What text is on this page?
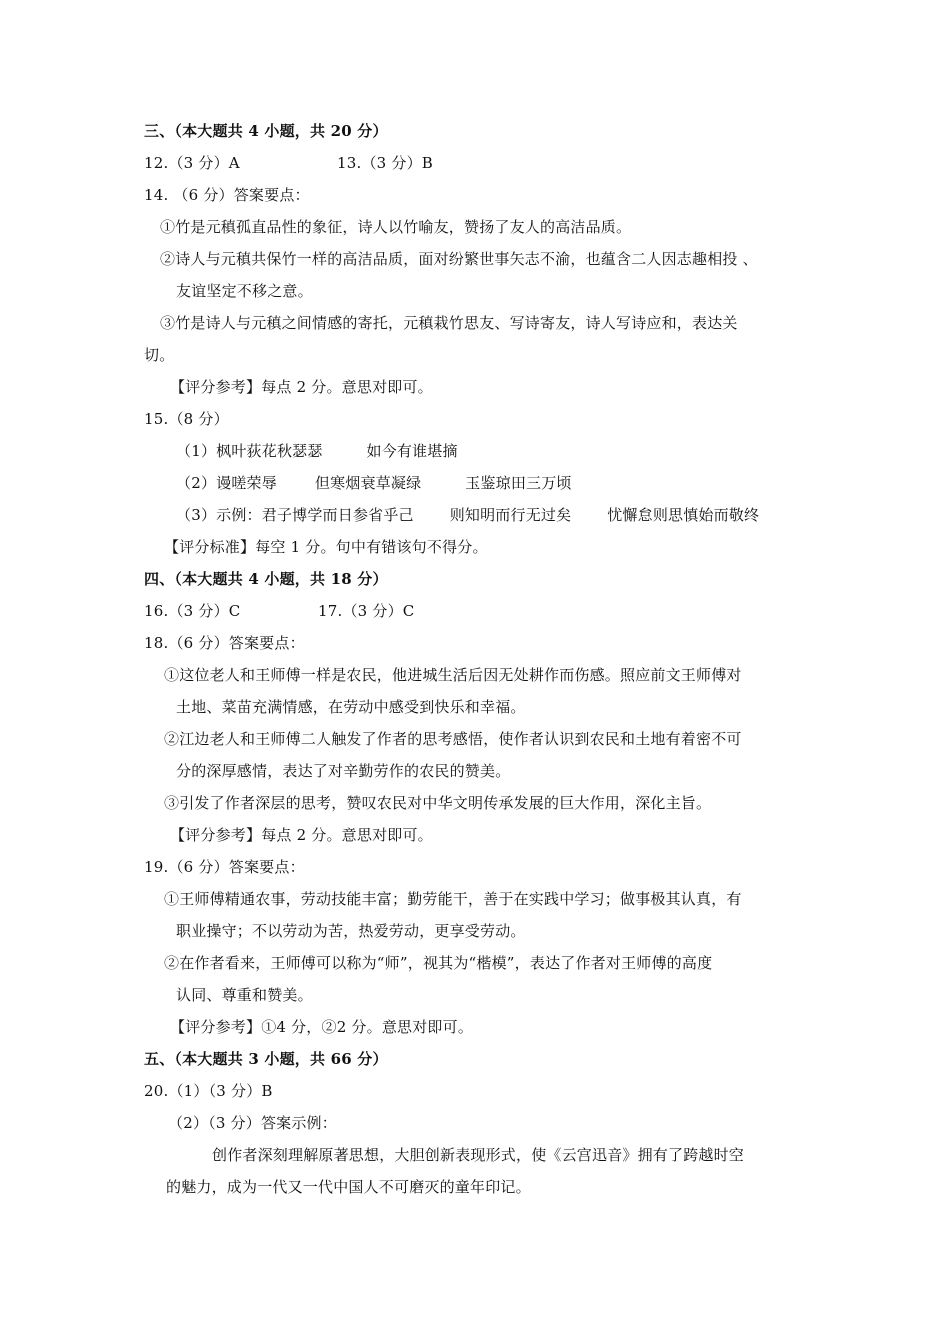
三、（本大题共 4 小题，共 20 分）
12.（3 分）A	13.（3 分）B
14. （6 分）答案要点：
①竹是元稹孤直品性的象征，诗人以竹喻友，赞扬了友人的高洁品质。
②诗人与元稹共保竹一样的高洁品质，面对纷繁世事矢志不渝，也蕴含二人因志趣相投 、
友谊坚定不移之意。
③竹是诗人与元稹之间情感的寄托，元稹栽竹思友、写诗寄友，诗人写诗应和，表达关
切。
【评分参考】每点 2 分。意思对即可。
15.（8 分）
（1）枫叶荻花秋瑟瑟	如今有谁堪摘
（2）谩嗟荣辱	但寒烟衰草凝绿	玉鉴琼田三万顷
（3）示例：君子博学而日参省乎己 则知明而行无过矣 忧懈怠则思慎始而敬终
【评分标准】每空 1 分。句中有错该句不得分。
四、（本大题共 4 小题，共 18 分）
16.（3 分）C	17.（3 分）C
18.（6 分）答案要点：
①这位老人和王师傅一样是农民，他进城生活后因无处耕作而伤感。照应前文王师傅对
土地、菜苗充满情感，在劳动中感受到快乐和幸福。
②江边老人和王师傅二人触发了作者的思考感悟，使作者认识到农民和土地有着密不可
分的深厚感情，表达了对辛勤劳作的农民的赞美。
③引发了作者深层的思考，赞叹农民对中华文明传承发展的巨大作用，深化主旨。
【评分参考】每点 2 分。意思对即可。
19.（6 分）答案要点：
①王师傅精通农事，劳动技能丰富；勤劳能干，善于在实践中学习；做事极其认真，有
职业操守；不以劳动为苦，热爱劳动，更享受劳动。
②在作者看来，王师傅可以称为“师”，视其为“楷模”，表达了作者对王师傅的高度
认同、尊重和赞美。
【评分参考】①4 分，②2 分。意思对即可。
五、（本大题共 3 小题，共 66 分）
20.（1）（3 分）B
（2）（3 分）答案示例：
创作者深刻理解原著思想，大胆创新表现形式，使《云宫迅音》拥有了跨越时空
的魅力，成为一代又一代中国人不可磨灭的童年印记。
